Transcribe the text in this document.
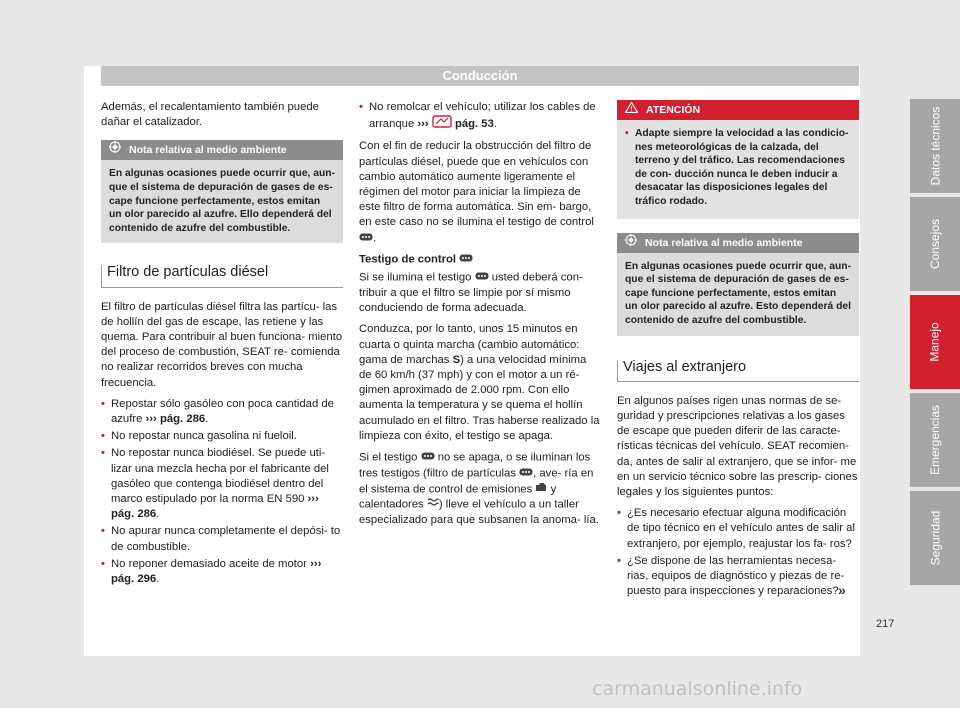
Conducción

Además, el recalentamiento también puede dañar el catalizador.

Nota relativa al medio ambiente
En algunas ocasiones puede ocurrir que, aun- que el sistema de depuración de gases de es- cape funcione perfectamente, estos emitan un olor parecido al azufre. Ello dependerá del contenido de azufre del combustible.
Filtro de partículas diésel

El filtro de partículas diésel filtra las partícu- las de hollín del gas de escape, las retiene y las quema. Para contribuir al buen funciona- miento del proceso de combustión, SEAT re- comienda no realizar recorridos breves con mucha frecuencia.

• Repostar sólo gasóleo con poca cantidad de azufre ››› pág. 286.
• No repostar nunca gasolina ni fueloil.
• No repostar nunca biodiésel. Se puede uti- lizar una mezcla hecha por el fabricante del gasóleo que contenga biodiésel dentro del marco estipulado por la norma EN 590 ››› pág. 286.
• No apurar nunca completamente el depósi- to de combustible.
• No reponer demasiado aceite de motor ››› pág. 296.
• No remolcar el vehículo; utilizar los cables de arranque ››› pág. 53.

Con el fin de reducir la obstrucción del filtro de partículas diésel, puede que en vehículos con cambio automático aumente ligeramente el régimen del motor para iniciar la limpieza de este filtro de forma automática. Sin em- bargo, en este caso no se ilumina el testigo de control .

Testigo de control

Si se ilumina el testigo usted deberá con- tribuir a que el filtro se limpie por sí mismo conduciendo de forma adecuada.

Conduzca, por lo tanto, unos 15 minutos en cuarta o quinta marcha (cambio automático: gama de marchas S) a una velocidad mínima de 60 km/h (37 mph) y con el motor a un ré- gimen aproximado de 2.000 rpm. Con ello aumenta la temperatura y se quema el hollín acumulado en el filtro. Tras haberse realizado la limpieza con éxito, el testigo se apaga.

Si el testigo no se apaga, o se iluminan los tres testigos (filtro de partículas , ave- ría en el sistema de control de emisiones y calentadores ) lleve el vehículo a un taller especializado para que subsanen la anoma- lía.

ATENCIÓN
• Adapte siempre la velocidad a las condicio- nes meteorológicas de la calzada, del terreno y del tráfico. Las recomendaciones de con- ducción nunca le deben inducir a desacatar las disposiciones legales del tráfico rodado.
Nota relativa al medio ambiente
En algunas ocasiones puede ocurrir que, aun- que el sistema de depuración de gases de es- cape funcione perfectamente, estos emitan un olor parecido al azufre. Esto dependerá del contenido de azufre del combustible.
Viajes al extranjero

En algunos países rigen unas normas de se- guridad y prescripciones relativas a los gases de escape que pueden diferir de las caracte- rísticas técnicas del vehículo. SEAT recomien- da, antes de salir al extranjero, que se infor- me en un servicio técnico sobre las prescrip- ciones legales y los siguientes puntos:

• ¿Es necesario efectuar alguna modificación de tipo técnico en el vehículo antes de salir al extranjero, por ejemplo, reajustar los fa- ros?
• ¿Se dispone de las herramientas necesa- rias, equipos de diagnóstico y piezas de re- puesto para inspecciones y reparaciones? »
217
Datos técnicos
Consejos
Manejo
Emergencias
Seguridad
carmanualsonline.info
